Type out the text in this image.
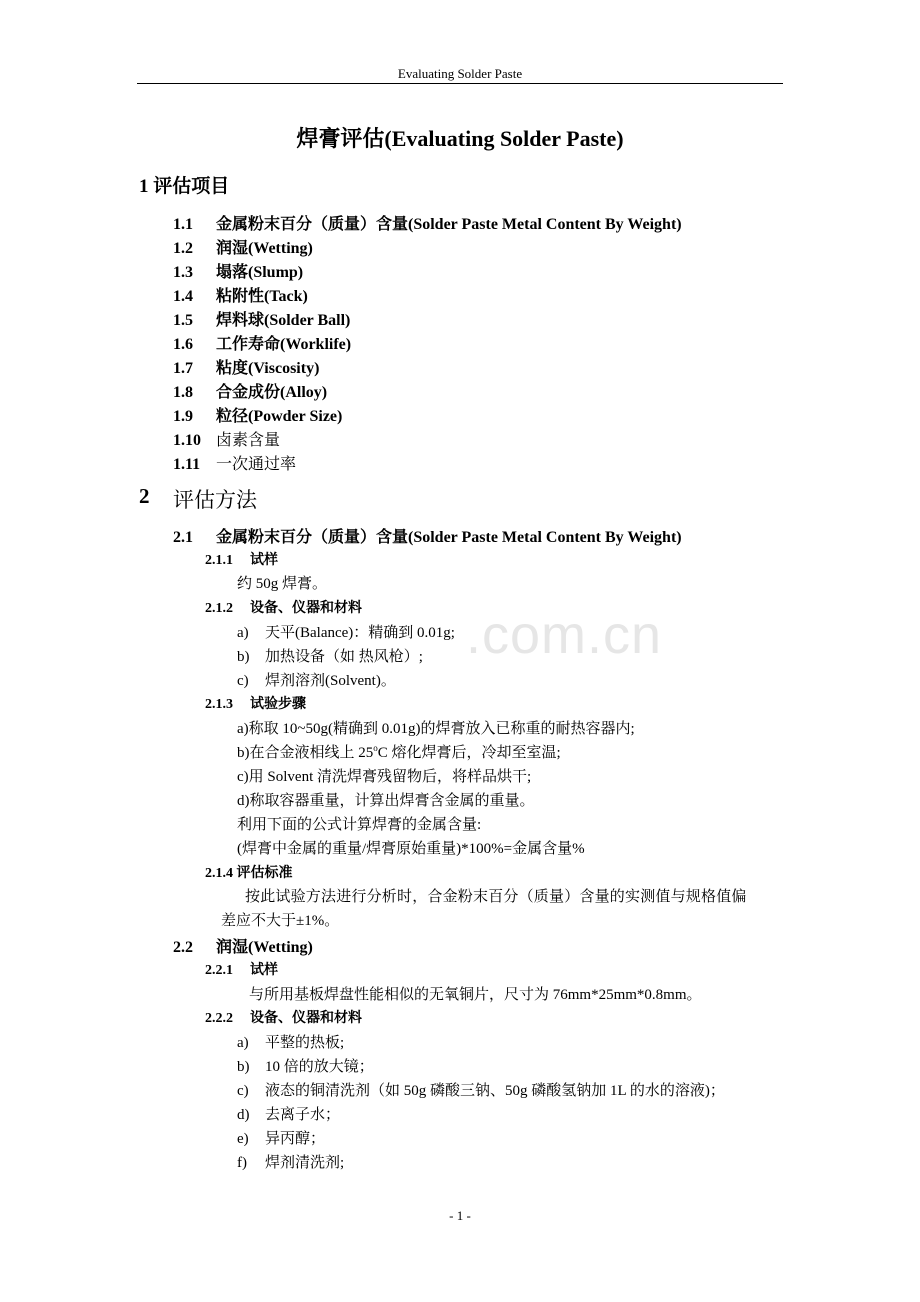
Evaluating Solder Paste
.com.cn
焊膏评估(Evaluating Solder Paste)
1 评估项目
1.1 金属粉末百分（质量）含量(Solder Paste Metal Content By Weight)
1.2 润湿(Wetting)
1.3 塌落(Slump)
1.4 粘附性(Tack)
1.5 焊料球(Solder Ball)
1.6 工作寿命(Worklife)
1.7 粘度(Viscosity)
1.8 合金成份(Alloy)
1.9 粒径(Powder Size)
1.10 卤素含量
1.11 一次通过率
2 评估方法
2.1 金属粉末百分（质量）含量(Solder Paste Metal Content By Weight)
2.1.1 试样
约 50g 焊膏。
2.1.2 设备、仪器和材料
a) 天平(Balance)：精确到 0.01g;
b) 加热设备（如 热风枪）;
c) 焊剂溶剂(Solvent)。
2.1.3 试验步骤
a)称取 10~50g(精确到 0.01g)的焊膏放入已称重的耐热容器内;
b)在合金液相线上 25$^o$C 熔化焊膏后，冷却至室温;
c)用 Solvent 清洗焊膏残留物后，将样品烘干;
d)称取容器重量，计算出焊膏含金属的重量。
利用下面的公式计算焊膏的金属含量:
(焊膏中金属的重量/焊膏原始重量)*100%=金属含量%
2.1.4 评估标准
按此试验方法进行分析时，合金粉末百分（质量）含量的实测值与规格值偏
差应不大于±1%。
2.2 润湿(Wetting)
2.2.1 试样
与所用基板焊盘性能相似的无氧铜片，尺寸为 76mm*25mm*0.8mm。
2.2.2 设备、仪器和材料
a) 平整的热板;
b) 10 倍的放大镜；
c) 液态的铜清洗剂（如 50g 磷酸三钠、50g 磷酸氢钠加 1L 的水的溶液)；
d) 去离子水；
e) 异丙醇；
f) 焊剂清洗剂;
- 1 -
